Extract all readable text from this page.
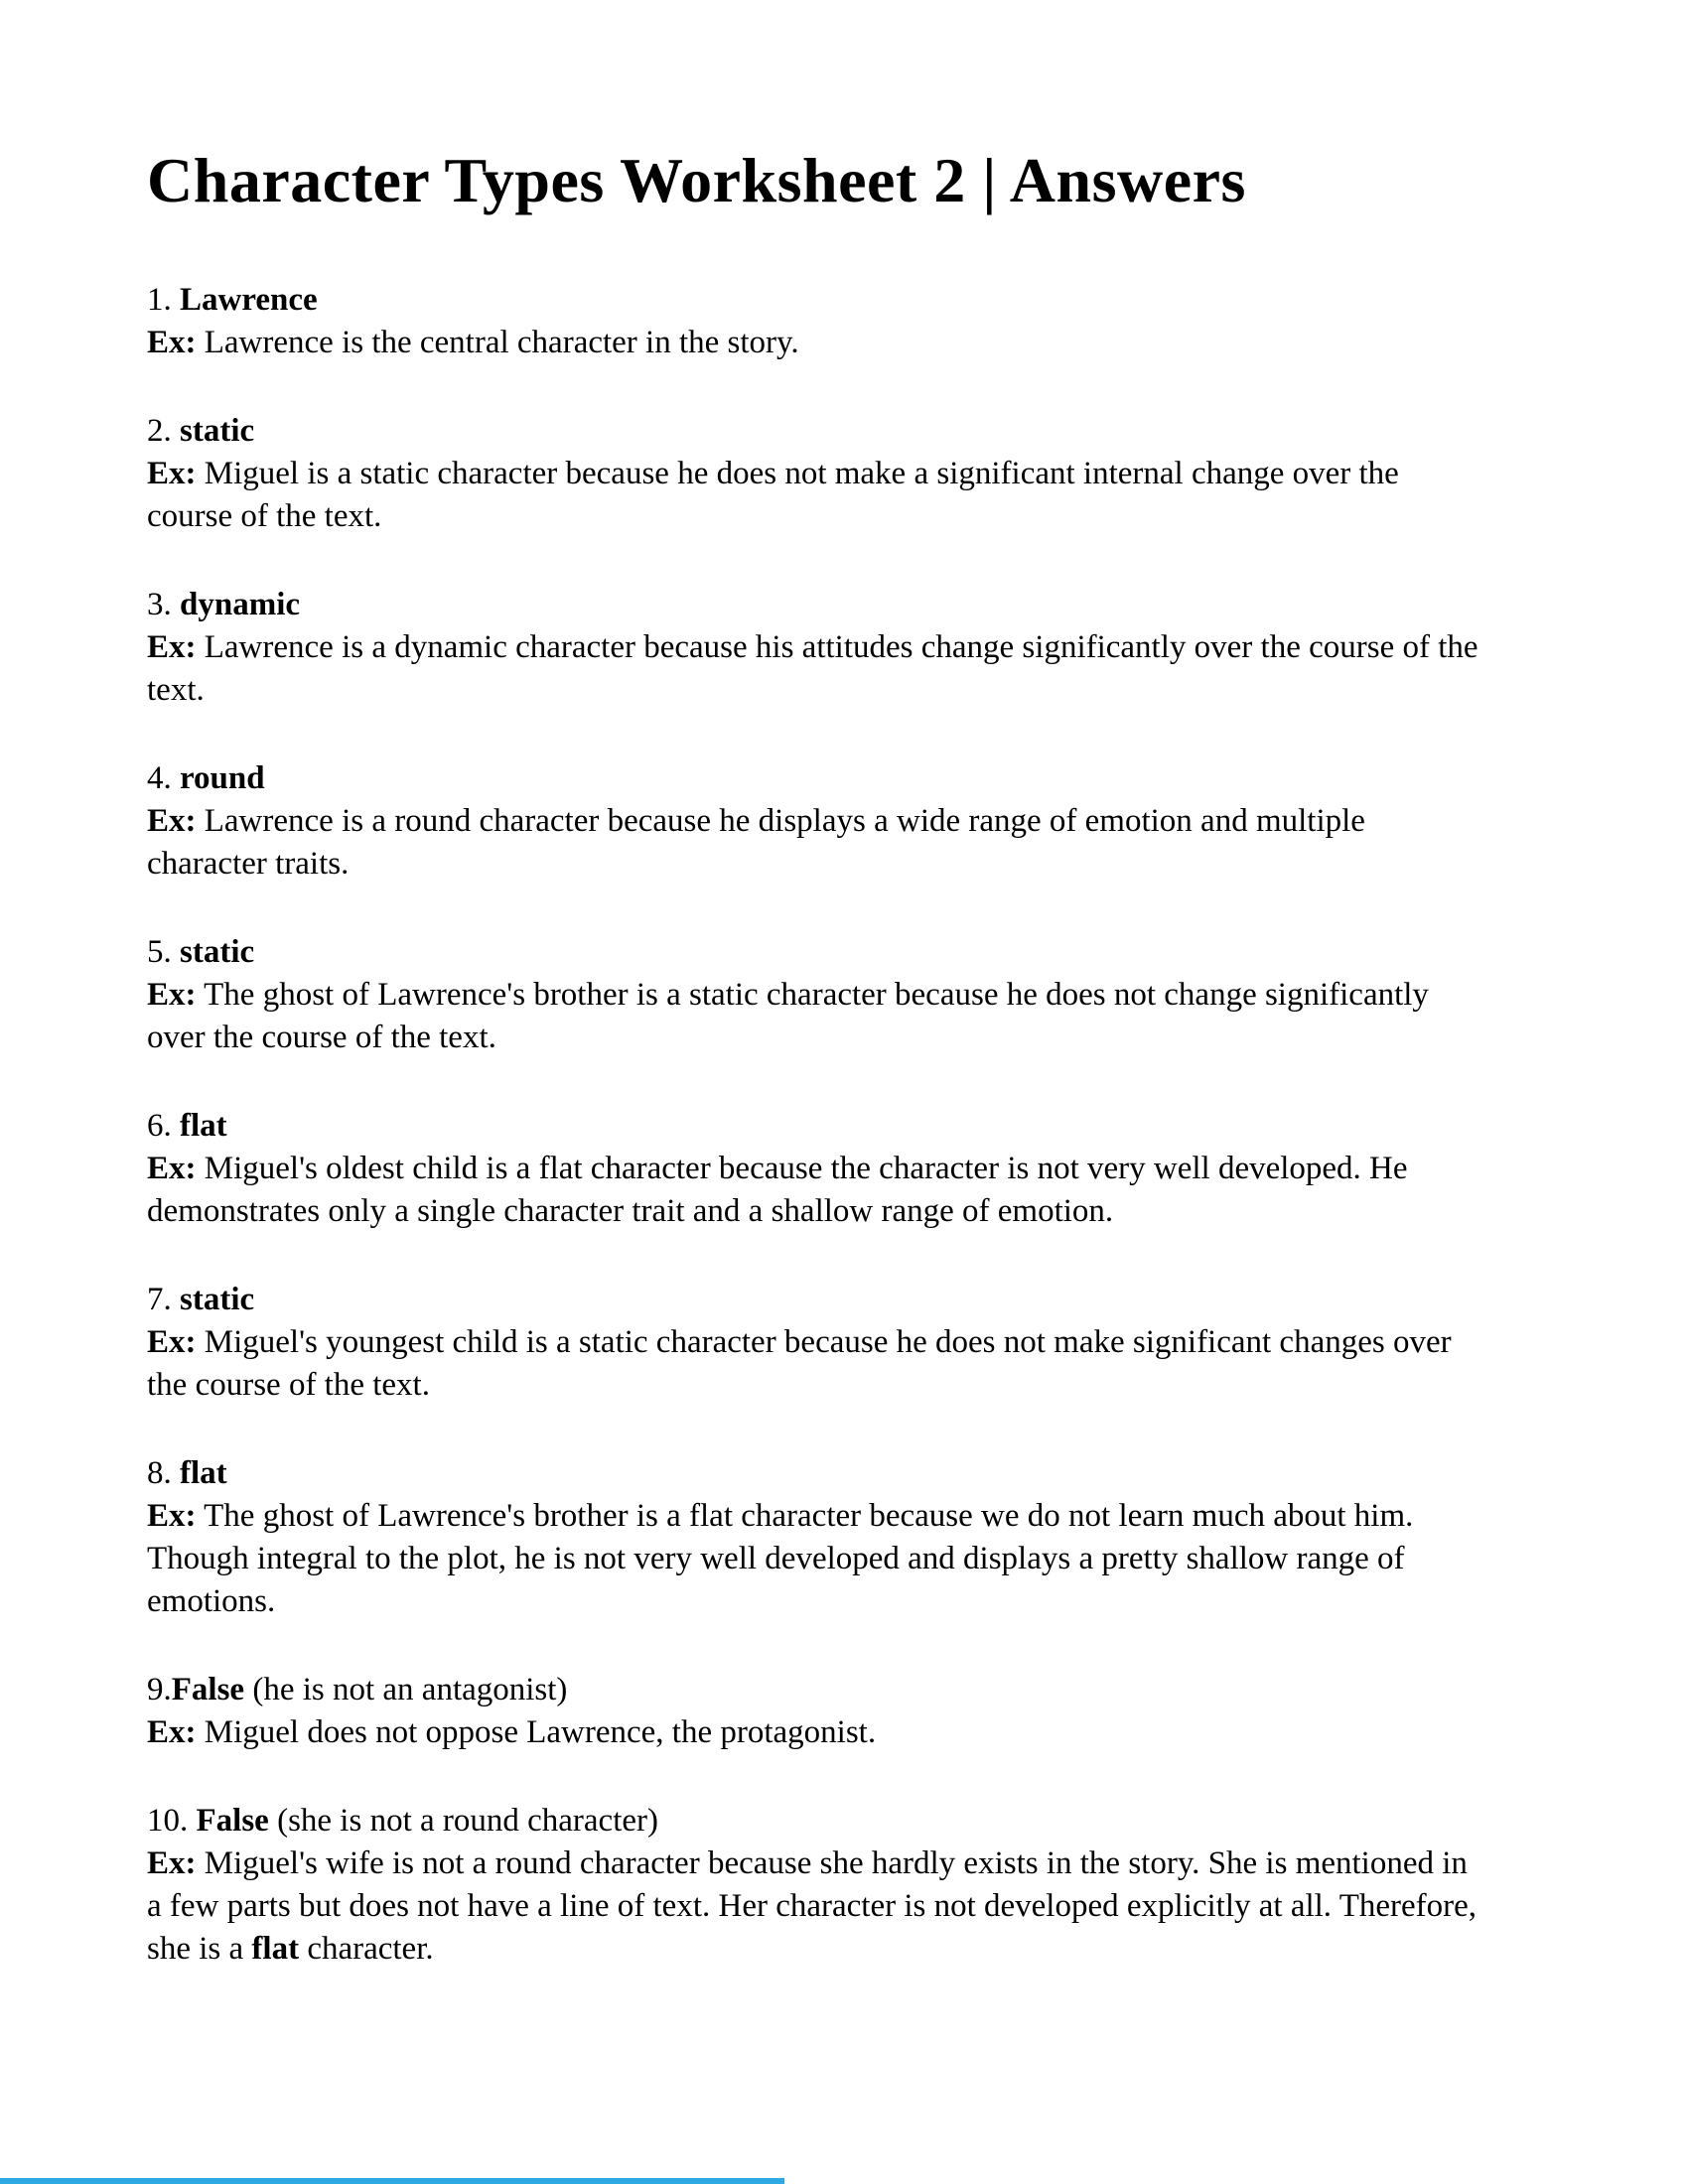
Character Types Worksheet 2 | Answers

1. Lawrence

Ex: Lawrence is the central character in the story.

2. static

Ex: Miguel is a static character because he does not make a significant internal change over the course of the text.

3. dynamic

Ex: Lawrence is a dynamic character because his attitudes change significantly over the course of the text.

4. round

Ex: Lawrence is a round character because he displays a wide range of emotion and multiple character traits.

5. static

Ex: The ghost of Lawrence's brother is a static character because he does not change significantly over the course of the text.

6. flat

Ex: Miguel's oldest child is a flat character because the character is not very well developed. He demonstrates only a single character trait and a shallow range of emotion.

7. static

Ex: Miguel's youngest child is a static character because he does not make significant changes over the course of the text.

8. flat

Ex: The ghost of Lawrence's brother is a flat character because we do not learn much about him. Though integral to the plot, he is not very well developed and displays a pretty shallow range of emotions.

9.False (he is not an antagonist)

Ex: Miguel does not oppose Lawrence, the protagonist.

10. False (she is not a round character)

Ex: Miguel's wife is not a round character because she hardly exists in the story. She is mentioned in a few parts but does not have a line of text. Her character is not developed explicitly at all. Therefore, she is a flat character.
